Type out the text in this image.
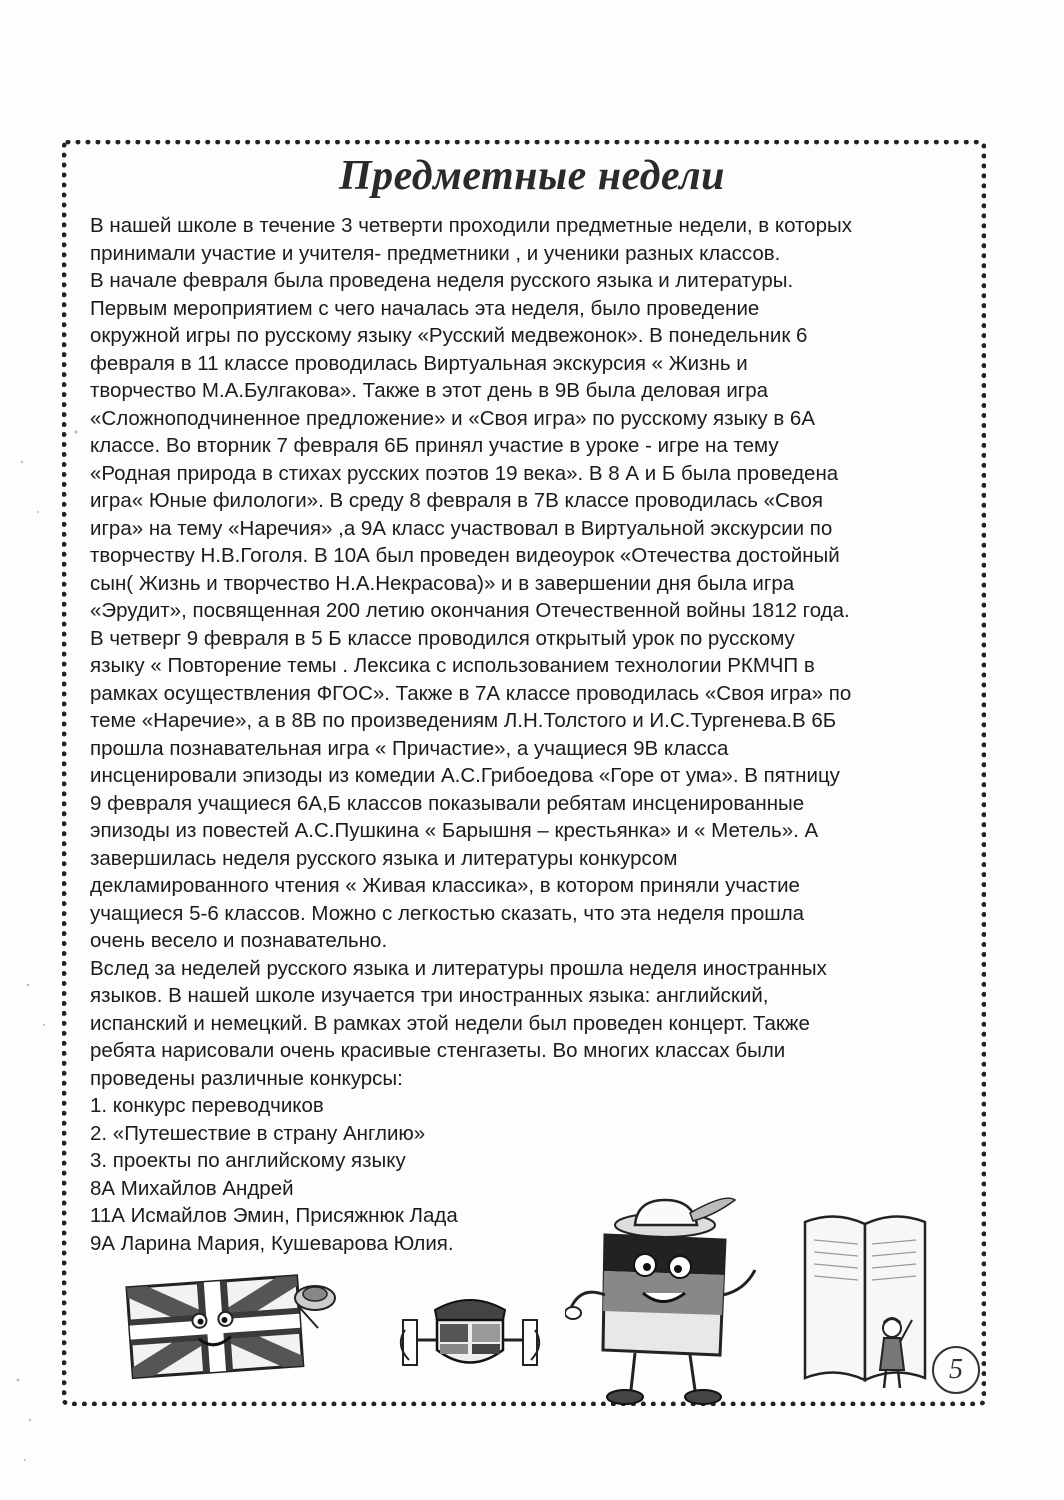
Предметные недели
В нашей школе в течение 3 четверти проходили предметные недели, в которых
принимали участие и учителя- предметники , и ученики разных классов.
В начале февраля была проведена неделя русского языка и литературы.
Первым мероприятием с чего началась эта неделя, было проведение
окружной игры по русскому языку «Русский медвежонок». В понедельник 6
февраля в 11 классе проводилась Виртуальная экскурсия « Жизнь и
творчество М.А.Булгакова». Также в этот день в 9В была деловая игра
«Сложноподчиненное предложение» и «Своя игра» по русскому языку в 6А
классе. Во вторник 7 февраля 6Б принял участие в уроке - игре на тему
«Родная природа в стихах русских поэтов 19 века». В 8 А и Б была проведена
игра« Юные филологи». В среду 8 февраля в 7В классе проводилась «Своя
игра» на тему «Наречия» ,а 9А класс участвовал в Виртуальной экскурсии по
творчеству Н.В.Гоголя. В 10А был проведен видеоурок «Отечества достойный
сын( Жизнь и творчество Н.А.Некрасова)» и в завершении дня была игра
«Эрудит», посвященная 200 летию окончания Отечественной войны 1812 года.
В четверг 9 февраля в 5 Б классе проводился открытый урок по русскому
языку « Повторение темы . Лексика с использованием технологии РКМЧП в
рамках осуществления ФГОС». Также в 7А классе проводилась «Своя игра» по
теме «Наречие», а в 8В по произведениям Л.Н.Толстого и И.С.Тургенева.В 6Б
прошла познавательная игра « Причастие», а учащиеся 9В класса
инсценировали эпизоды из комедии А.С.Грибоедова «Горе от ума». В пятницу
9 февраля учащиеся 6А,Б классов показывали ребятам инсценированные
эпизоды из повестей А.С.Пушкина « Барышня – крестьянка» и « Метель». А
завершилась неделя русского языка и литературы конкурсом
декламированного чтения « Живая классика», в котором приняли участие
учащиеся 5-6 классов. Можно с легкостью сказать, что эта неделя прошла
очень весело и познавательно.
Вслед за неделей русского языка и литературы прошла неделя иностранных
языков. В нашей школе изучается три иностранных языка: английский,
испанский и немецкий. В рамках этой недели был проведен концерт. Также
ребята нарисовали очень красивые стенгазеты. Во многих классах были
проведены различные конкурсы:
1. конкурс переводчиков
2. «Путешествие в страну Англию»
3. проекты по английскому языку
8А Михайлов Андрей
11А Исмайлов Эмин, Присяжнюк Лада
9А Ларина Мария, Кушеварова Юлия.
5
